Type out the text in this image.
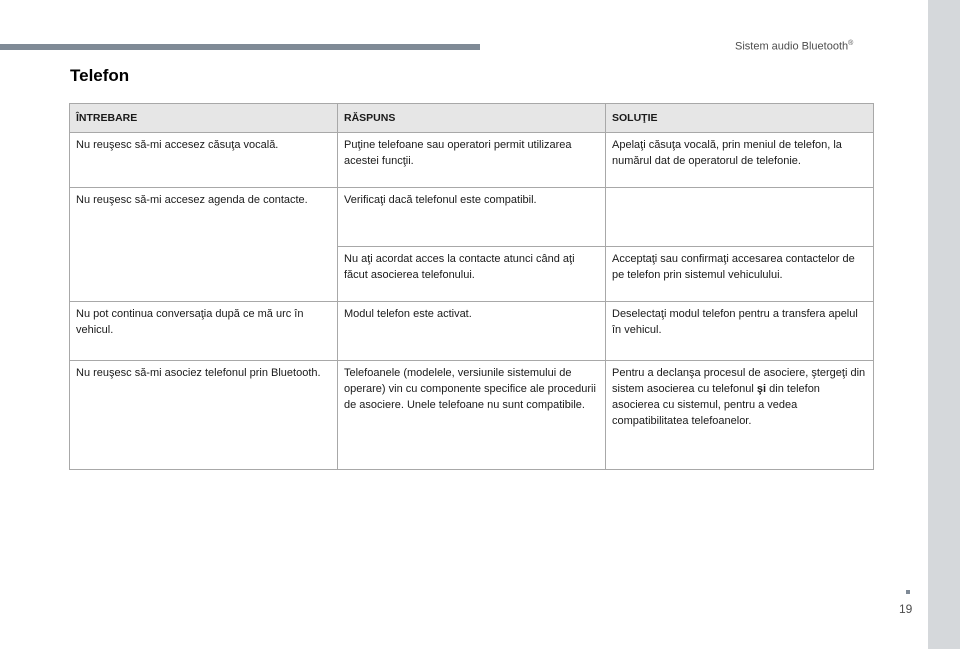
Sistem audio Bluetooth®
Telefon
ÎNTREBARE	RĂSPUNS	SOLUŢIE
Nu reuşesc să-mi accesez căsuţa vocală.	Puţine telefoane sau operatori permit utilizarea acestei funcţii.	Apelaţi căsuţa vocală, prin meniul de telefon, la numărul dat de operatorul de telefonie.
Nu reuşesc să-mi accesez agenda de contacte.	Verificaţi dacă telefonul este compatibil.	
	Nu aţi acordat acces la contacte atunci când aţi făcut asocierea telefonului.	Acceptaţi sau confirmaţi accesarea contactelor de pe telefon prin sistemul vehiculului.
Nu pot continua conversaţia după ce mă urc în vehicul.	Modul telefon este activat.	Deselectaţi modul telefon pentru a transfera apelul în vehicul.
Nu reuşesc să-mi asociez telefonul prin Bluetooth.	Telefoanele (modelele, versiunile sistemului de operare) vin cu componente specifice ale procedurii de asociere. Unele telefoane nu sunt compatibile.	Pentru a declanşa procesul de asociere, ştergeţi din sistem asocierea cu telefonul şi din telefon asocierea cu sistemul, pentru a vedea compatibilitatea telefoanelor.
19
